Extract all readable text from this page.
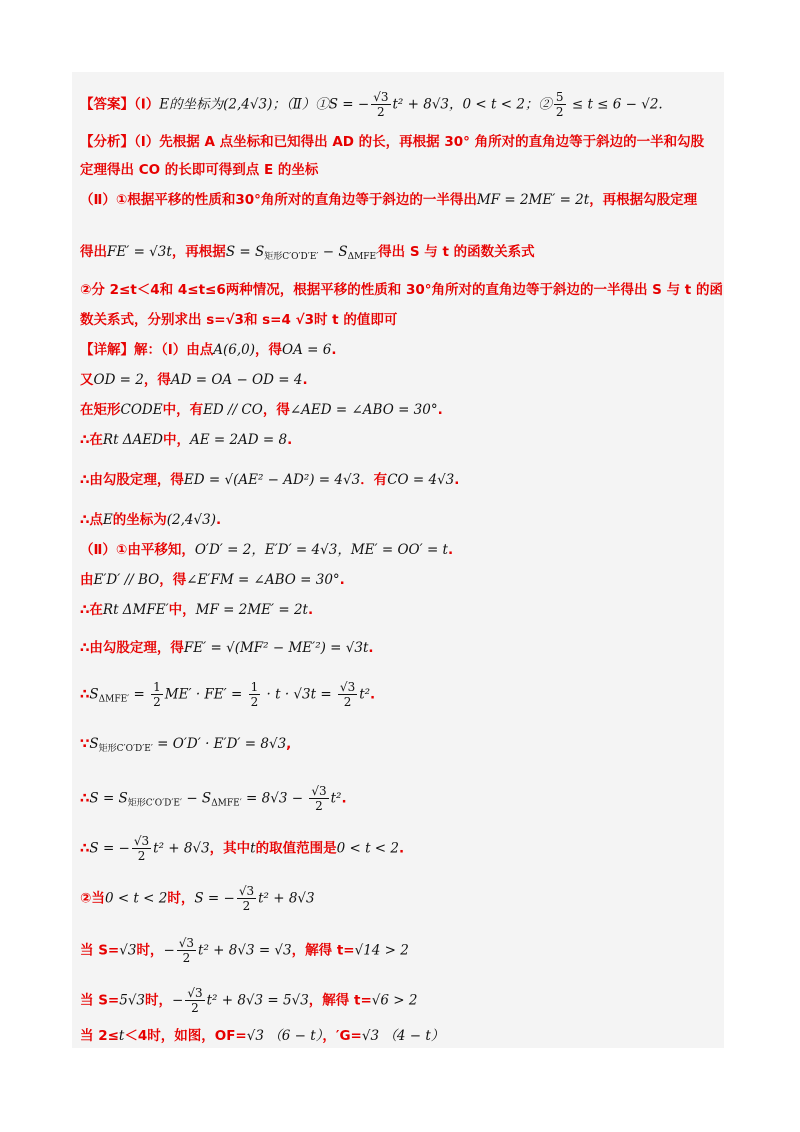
【答案】（Ⅰ）E的坐标为(2,4√3)；（Ⅱ）①S = − $\frac{√3}{2} t^2 + 8√3$，0 < t < 2；② $\frac{5}{2} \le t \le 6 - √2$.
【分析】（Ⅰ）先根据 A 点坐标和已知得出 AD 的长，再根据 30° 角所对的直角边等于斜边的一半和勾股
定理得出 CO 的长即可得到点 E 的坐标
（Ⅱ）①根据平移的性质和30°角所对的直角边等于斜边的一半得出MF = 2ME′ = 2t，再根据勾股定理
得出FE′ = √3t，再根据$S = S_{矩形C'O'D'E'} - S_{\Delta MFE'}$得出 S 与 t 的函数关系式
②分 2≤t＜4和 4≤t≤6两种情况，根据平移的性质和 30°角所对的直角边等于斜边的一半得出 S 与 t 的函
数关系式，分别求出 s=√3和 s=4 √3时 t 的值即可
【详解】解：（Ⅰ）由点A(6,0)，得OA = 6.
又OD = 2，得AD = OA − OD = 4.
在矩形CODE中，有ED // CO，得∠AED = ∠ABO = 30°.
∴在Rt ΔAED中，AE = 2AD = 8.
∴由勾股定理，得ED = √(AE² − AD²) = 4√3．有CO = 4√3.
∴点E的坐标为(2,4√3).
（Ⅱ）①由平移知，O′D′ = 2，E′D′ = 4√3，ME′ = OO′ = t.
由E′D′ // BO，得∠E′FM = ∠ABO = 30°.
∴在Rt ΔMFE′中，MF = 2ME′ = 2t.
∴由勾股定理，得FE′ = √(MF² − ME′²) = √3t.
$\therefore S_{\Delta MFE'} = \frac{1}{2} ME' \cdot FE' = \frac{1}{2} \cdot t \cdot √3t = \frac{√3}{2} t^2$.
$\because S_{矩形C'O'D'E'} = O'D' \cdot E'D' = 8√3$,
∴S = $S_{矩形C'O'D'E'} - S_{\Delta MFE'} = 8√3 - \frac{√3}{2} t^2$.
∴S = − $\frac{√3}{2} t^2 + 8√3$，其中t的取值范围是0 < t < 2.
②当0 < t < 2时，S = − $\frac{√3}{2} t^2 + 8√3$
当 S=√3时，− $\frac{√3}{2} t^2 + 8√3 = √3$，解得 t=√14 > 2
当 S=5√3时，− $\frac{√3}{2} t^2 + 8√3 = 5√3$，解得 t=√6 > 2
当 2≤t＜4时，如图，OF=√3 （6 − t），′G=√3 （4 − t）
